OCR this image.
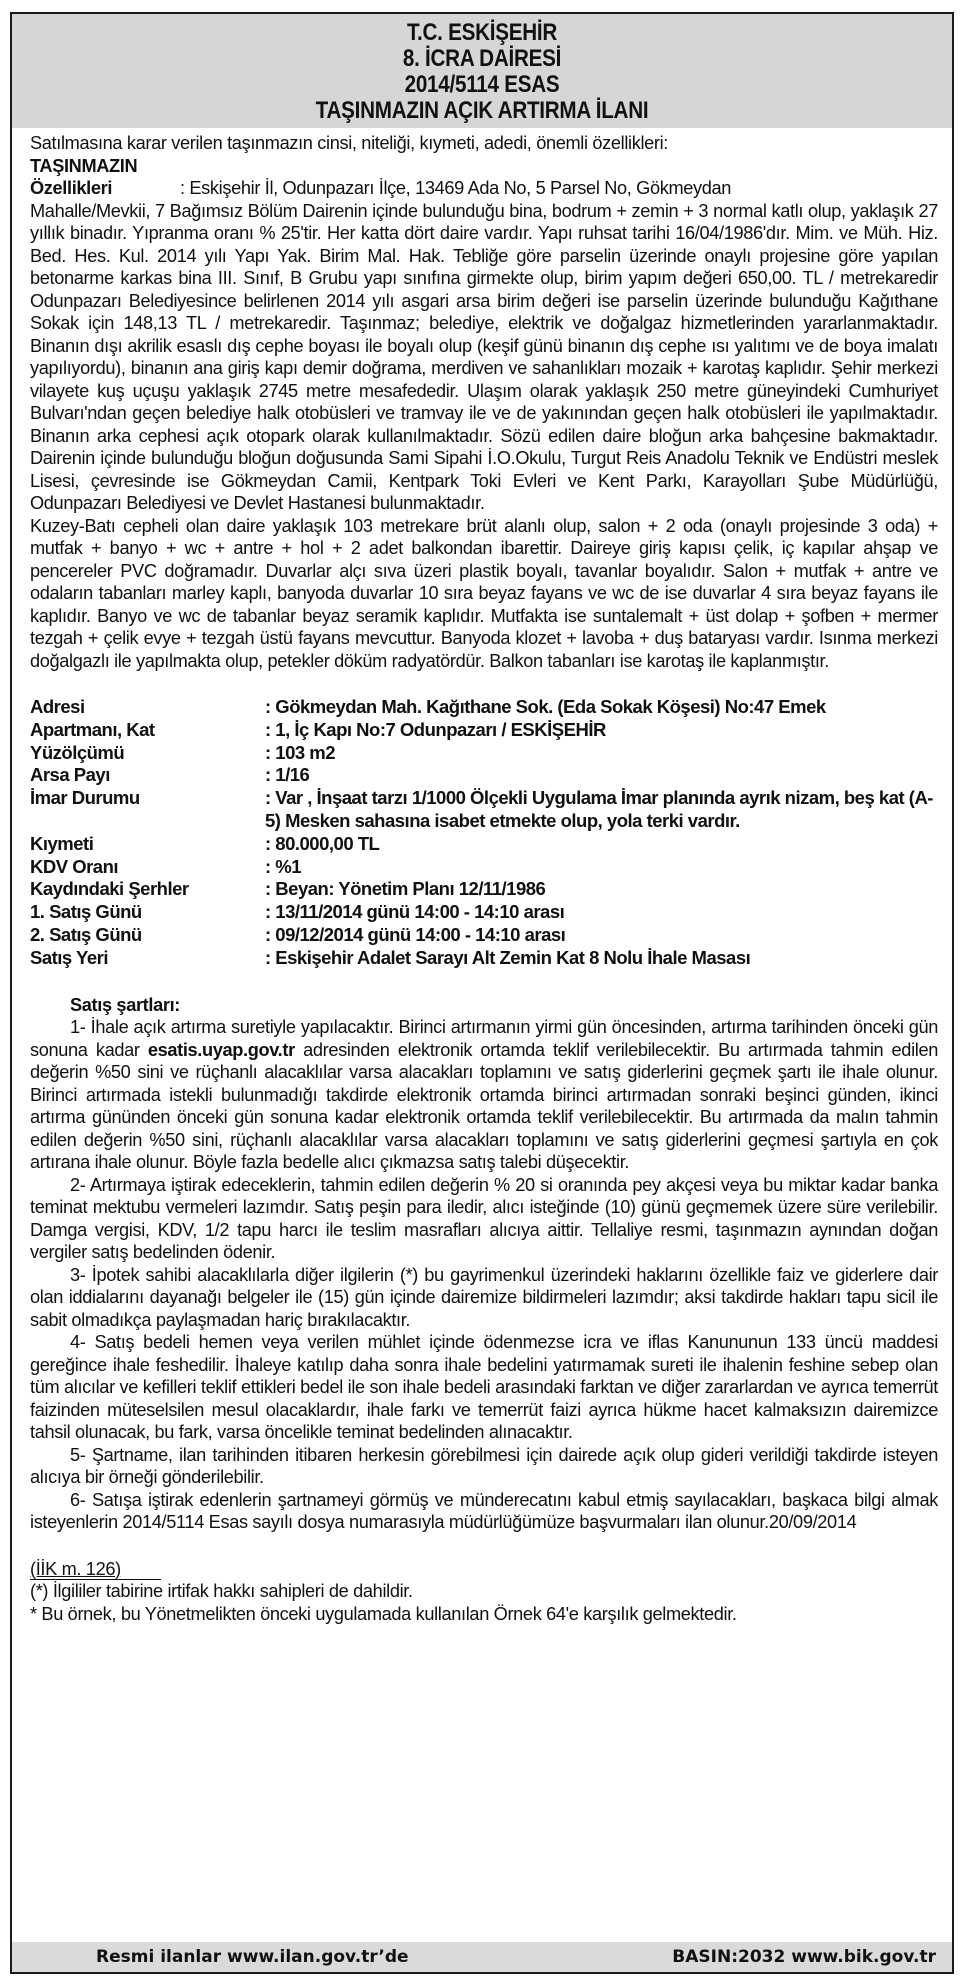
T.C. ESKİŞEHİR
8. İCRA DAİRESİ
2014/5114 ESAS
TAŞINMAZIN AÇIK ARTIRMA İLANI

Satılmasına karar verilen taşınmazın cinsi, niteliği, kıymeti, adedi, önemli özellikleri:

TAŞINMAZIN
Özellikleri	: Eskişehir İl, Odunpazarı İlçe, 13469 Ada No, 5 Parsel No, Gökmeydan

Mahalle/Mevkii, 7 Bağımsız Bölüm Dairenin içinde bulunduğu bina, bodrum + zemin + 3 normal katlı olup, yaklaşık 27 yıllık binadır. Yıpranma oranı % 25'tir. Her katta dört daire vardır. Yapı ruhsat tarihi 16/04/1986'dır. Mim. ve Müh. Hiz. Bed. Hes. Kul. 2014 yılı Yapı Yak. Birim Mal. Hak. Tebliğe göre parselin üzerinde onaylı projesine göre yapılan betonarme karkas bina III. Sınıf, B Grubu yapı sınıfına girmekte olup, birim yapım değeri 650,00. TL / metrekaredir Odunpazarı Belediyesince belirlenen 2014 yılı asgari arsa birim değeri ise parselin üzerinde bulunduğu Kağıthane Sokak için 148,13 TL / metrekaredir. Taşınmaz; belediye, elektrik ve doğalgaz hizmetlerinden yararlanmaktadır. Binanın dışı akrilik esaslı dış cephe boyası ile boyalı olup (keşif günü binanın dış cephe ısı yalıtımı ve de boya imalatı yapılıyordu), binanın ana giriş kapı demir doğrama, merdiven ve sahanlıkları mozaik + karotaş kaplıdır. Şehir merkezi vilayete kuş uçuşu yaklaşık 2745 metre mesafededir. Ulaşım olarak yaklaşık 250 metre güneyindeki Cumhuriyet Bulvarı'ndan geçen belediye halk otobüsleri ve tramvay ile ve de yakınından geçen halk otobüsleri ile yapılmaktadır. Binanın arka cephesi açık otopark olarak kullanılmaktadır. Sözü edilen daire bloğun arka bahçesine bakmaktadır. Dairenin içinde bulunduğu bloğun doğusunda Sami Sipahi İ.O.Okulu, Turgut Reis Anadolu Teknik ve Endüstri meslek Lisesi, çevresinde ise Gökmeydan Camii, Kentpark Toki Evleri ve Kent Parkı, Karayolları Şube Müdürlüğü, Odunpazarı Belediyesi ve Devlet Hastanesi bulunmaktadır.

Kuzey-Batı cepheli olan daire yaklaşık 103 metrekare brüt alanlı olup, salon + 2 oda (onaylı projesinde 3 oda) + mutfak + banyo + wc + antre + hol + 2 adet balkondan ibarettir. Daireye giriş kapısı çelik, iç kapılar ahşap ve pencereler PVC doğramadır. Duvarlar alçı sıva üzeri plastik boyalı, tavanlar boyalıdır. Salon + mutfak + antre ve odaların tabanları marley kaplı, banyoda duvarlar 10 sıra beyaz fayans ve wc de ise duvarlar 4 sıra beyaz fayans ile kaplıdır. Banyo ve wc de tabanlar beyaz seramik kaplıdır. Mutfakta ise suntalemalt + üst dolap + şofben + mermer tezgah + çelik evye + tezgah üstü fayans mevcuttur. Banyoda klozet + lavoba + duş bataryası vardır. Isınma merkezi doğalgazlı ile yapılmakta olup, petekler döküm radyatördür. Balkon tabanları ise karotaş ile kaplanmıştır.

Adresi	: Gökmeydan Mah. Kağıthane Sok. (Eda Sokak Köşesi) No:47 Emek
Apartmanı, Kat	: 1, İç Kapı No:7 Odunpazarı / ESKİŞEHİR
Yüzölçümü	: 103 m2
Arsa Payı	: 1/16
İmar Durumu	: Var , İnşaat tarzı 1/1000 Ölçekli Uygulama İmar planında ayrık nizam, beş kat (A-5) Mesken sahasına isabet etmekte olup, yola terki vardır.
Kıymeti	: 80.000,00 TL
KDV Oranı	: %1
Kaydındaki Şerhler	: Beyan: Yönetim Planı 12/11/1986
1. Satış Günü	: 13/11/2014 günü 14:00 - 14:10 arası
2. Satış Günü	: 09/12/2014 günü 14:00 - 14:10 arası
Satış Yeri	: Eskişehir Adalet Sarayı Alt Zemin Kat 8 Nolu İhale Masası
Satış şartları:

1- İhale açık artırma suretiyle yapılacaktır. Birinci artırmanın yirmi gün öncesinden, artırma tarihinden önceki gün sonuna kadar esatis.uyap.gov.tr adresinden elektronik ortamda teklif verilebilecektir. Bu artırmada tahmin edilen değerin %50 sini ve rüçhanlı alacaklılar varsa alacakları toplamını ve satış giderlerini geçmek şartı ile ihale olunur. Birinci artırmada istekli bulunmadığı takdirde elektronik ortamda birinci artırmadan sonraki beşinci günden, ikinci artırma gününden önceki gün sonuna kadar elektronik ortamda teklif verilebilecektir. Bu artırmada da malın tahmin edilen değerin %50 sini, rüçhanlı alacaklılar varsa alacakları toplamını ve satış giderlerini geçmesi şartıyla en çok artırana ihale olunur. Böyle fazla bedelle alıcı çıkmazsa satış talebi düşecektir.

2- Artırmaya iştirak edeceklerin, tahmin edilen değerin % 20 si oranında pey akçesi veya bu miktar kadar banka teminat mektubu vermeleri lazımdır. Satış peşin para iledir, alıcı isteğinde (10) günü geçmemek üzere süre verilebilir. Damga vergisi, KDV, 1/2 tapu harcı ile teslim masrafları alıcıya aittir. Tellaliye resmi, taşınmazın aynından doğan vergiler satış bedelinden ödenir.

3- İpotek sahibi alacaklılarla diğer ilgilerin (*) bu gayrimenkul üzerindeki haklarını özellikle faiz ve giderlere dair olan iddialarını dayanağı belgeler ile (15) gün içinde dairemize bildirmeleri lazımdır; aksi takdirde hakları tapu sicil ile sabit olmadıkça paylaşmadan hariç bırakılacaktır.

4- Satış bedeli hemen veya verilen mühlet içinde ödenmezse icra ve iflas Kanununun 133 üncü maddesi gereğince ihale feshedilir. İhaleye katılıp daha sonra ihale bedelini yatırmamak sureti ile ihalenin feshine sebep olan tüm alıcılar ve kefilleri teklif ettikleri bedel ile son ihale bedeli arasındaki farktan ve diğer zararlardan ve ayrıca temerrüt faizinden müteselsilen mesul olacaklardır, ihale farkı ve temerrüt faizi ayrıca hükme hacet kalmaksızın dairemizce tahsil olunacak, bu fark, varsa öncelikle teminat bedelinden alınacaktır.

5- Şartname, ilan tarihinden itibaren herkesin görebilmesi için dairede açık olup gideri verildiği takdirde isteyen alıcıya bir örneği gönderilebilir.

6- Satışa iştirak edenlerin şartnameyi görmüş ve münderecatını kabul etmiş sayılacakları, başkaca bilgi almak isteyenlerin 2014/5114 Esas sayılı dosya numarasıyla müdürlüğümüze başvurmaları ilan olunur.20/09/2014

(İİK m. 126)

(*) İlgililer tabirine irtifak hakkı sahipleri de dahildir.

* Bu örnek, bu Yönetmelikten önceki uygulamada kullanılan Örnek 64'e karşılık gelmektedir.

Resmi ilanlar www.ilan.gov.tr’de	BASIN:2032 www.bik.gov.tr
